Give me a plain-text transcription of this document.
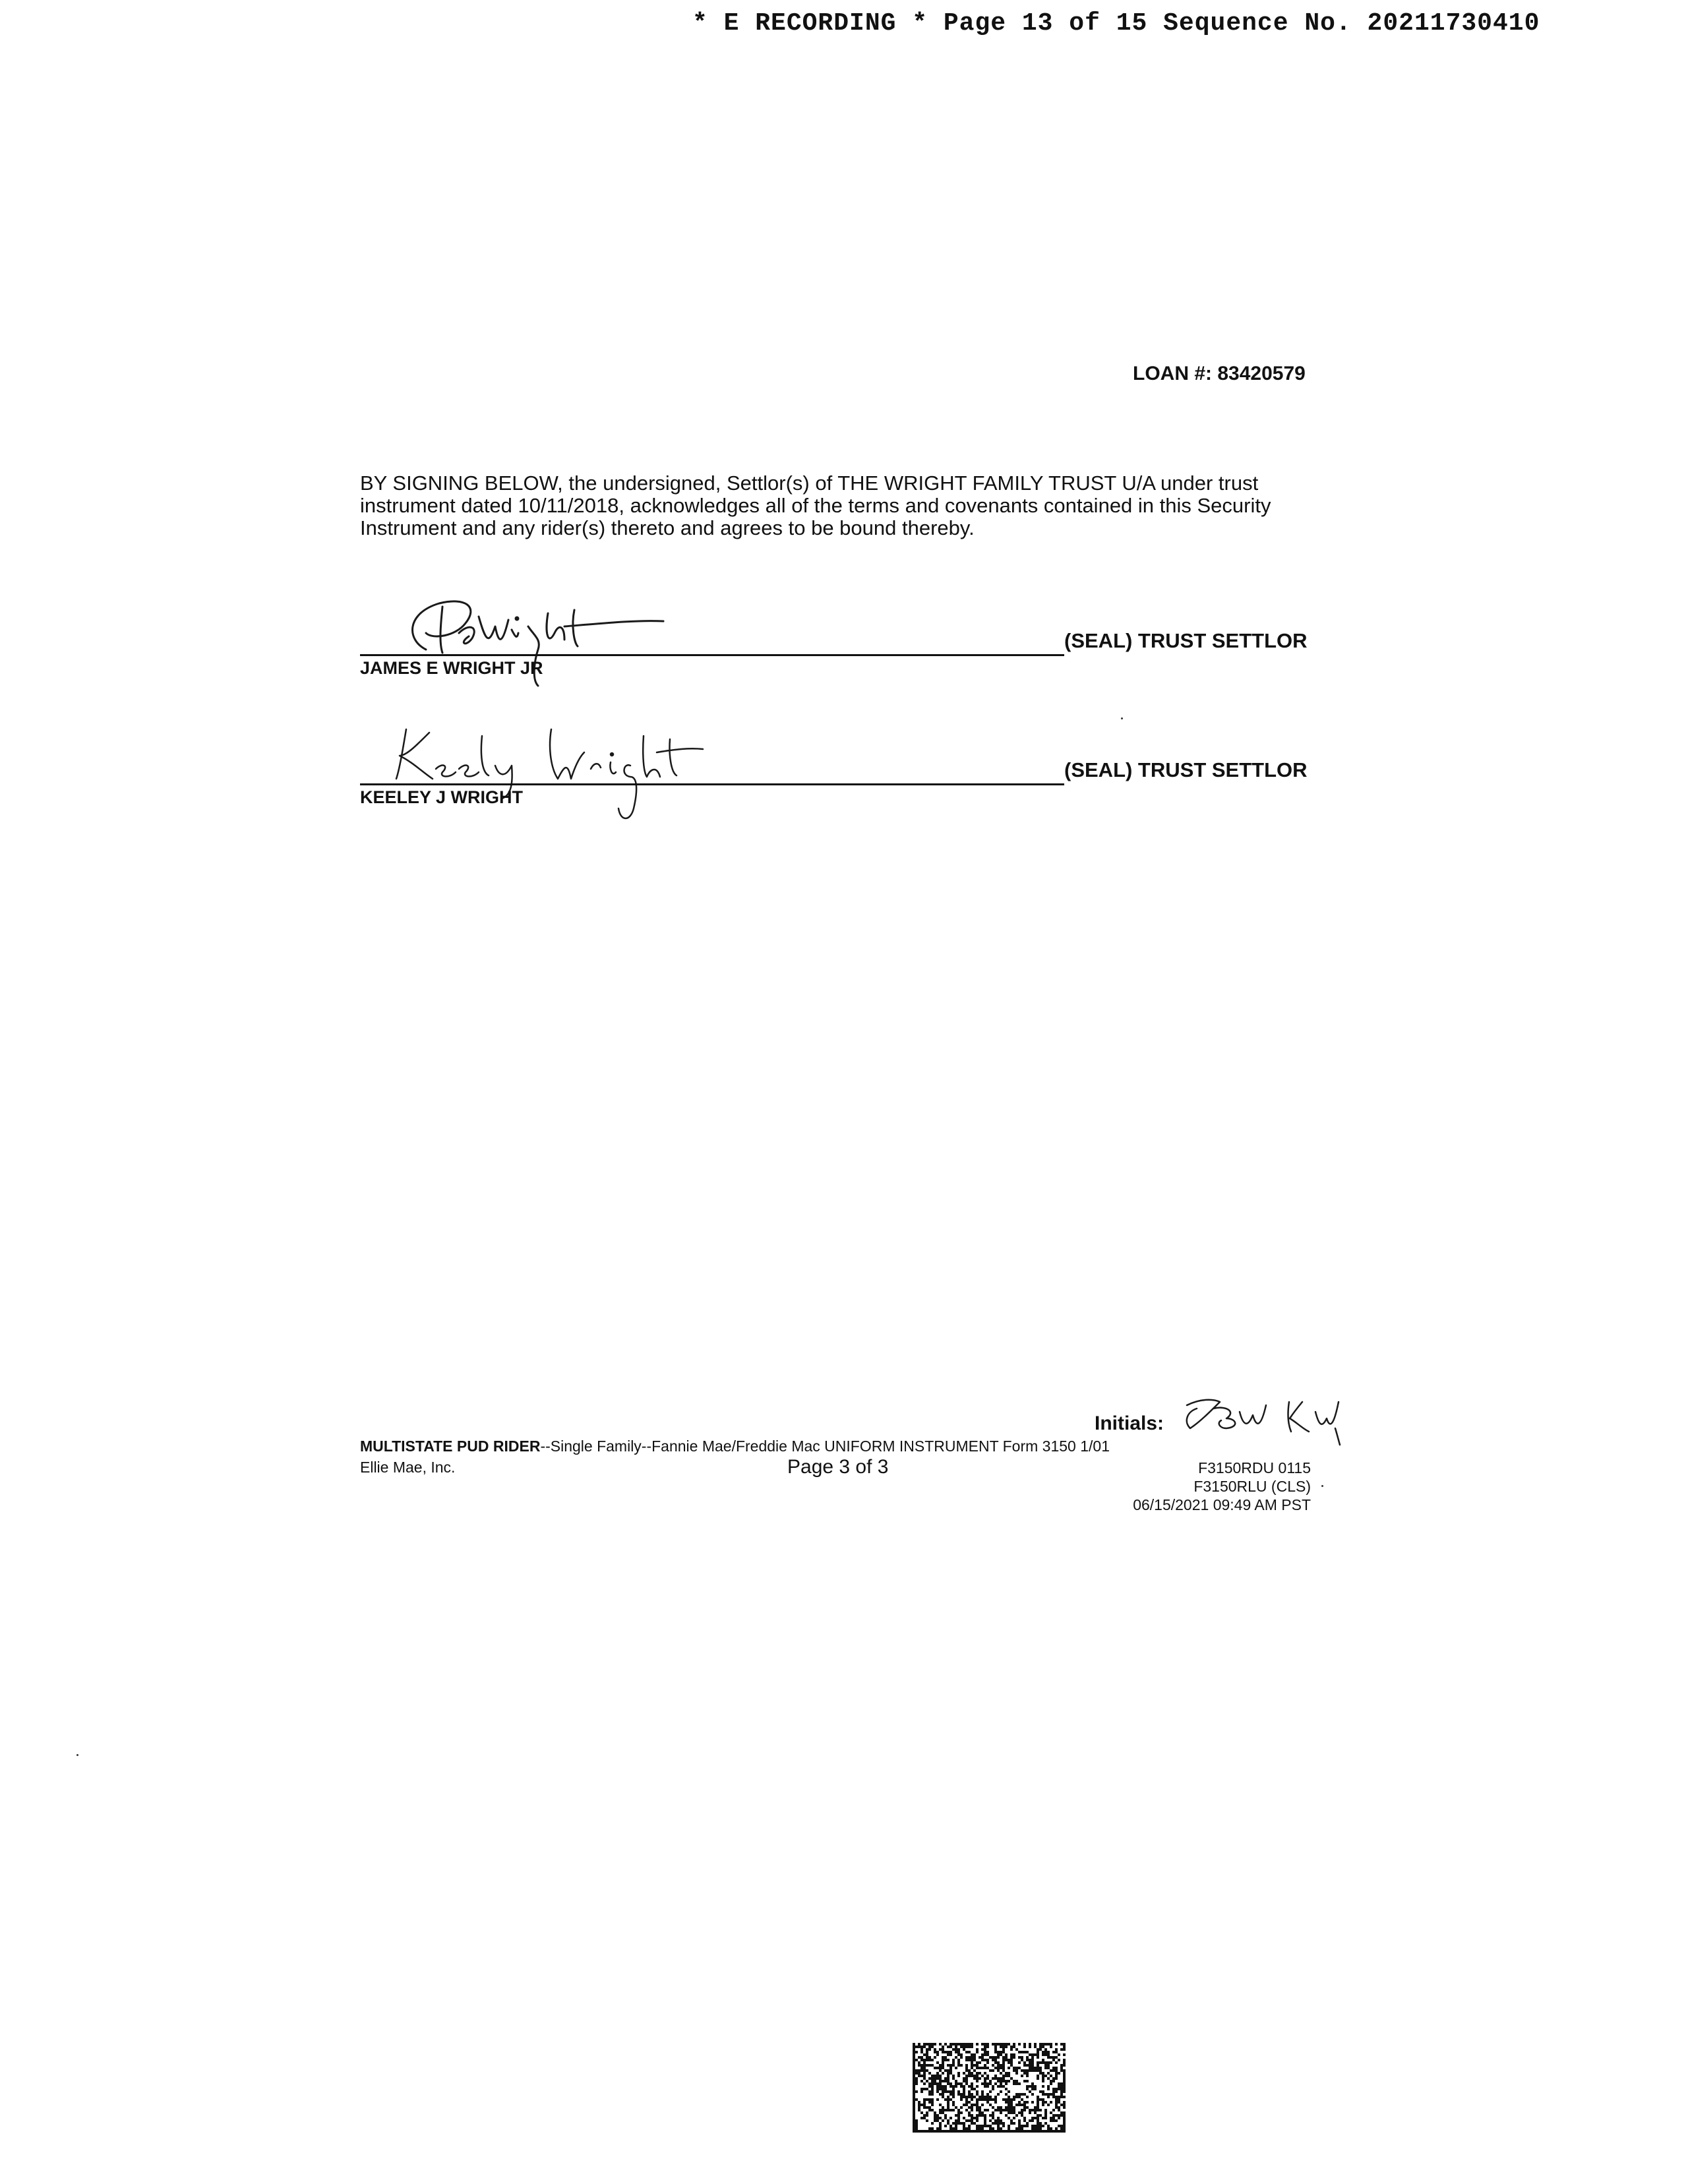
* E RECORDING * Page 13 of 15 Sequence No. 20211730410
LOAN #: 83420579
BY SIGNING BELOW, the undersigned, Settlor(s) of THE WRIGHT FAMILY TRUST U/A under trust instrument dated 10/11/2018, acknowledges all of the terms and covenants contained in this Security Instrument and any rider(s) thereto and agrees to be bound thereby.
JAMES E WRIGHT JR
(SEAL) TRUST SETTLOR
KEELEY J WRIGHT
(SEAL) TRUST SETTLOR
Initials:
MULTISTATE PUD RIDER--Single Family--Fannie Mae/Freddie Mac UNIFORM INSTRUMENT Form 3150 1/01
Ellie Mae, Inc.	Page 3 of 3	F3150RDU 0115
F3150RLU (CLS)
06/15/2021 09:49 AM PST
